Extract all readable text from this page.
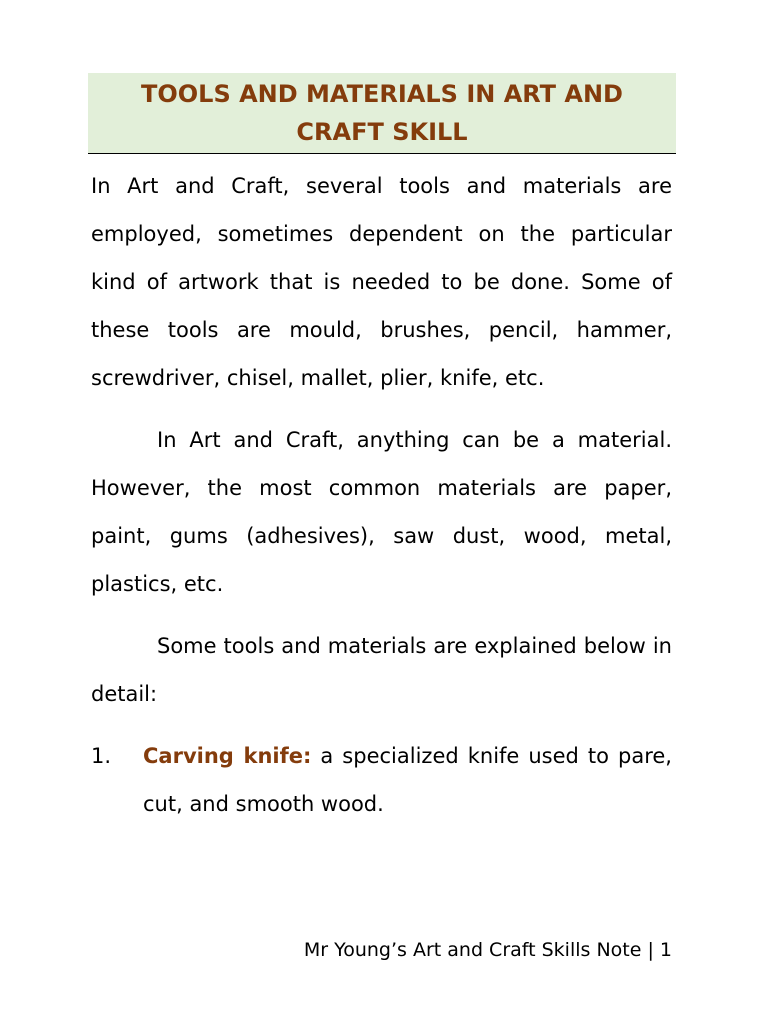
TOOLS AND MATERIALS IN ART AND CRAFT SKILL

In Art and Craft, several tools and materials are employed, sometimes dependent on the particular kind of artwork that is needed to be done. Some of these tools are mould, brushes, pencil, hammer, screwdriver, chisel, mallet, plier, knife, etc.

In Art and Craft, anything can be a material. However, the most common materials are paper, paint, gums (adhesives), saw dust, wood, metal, plastics, etc.

Some tools and materials are explained below in detail:

1. Carving knife: a specialized knife used to pare, cut, and smooth wood.
Mr Young’s Art and Craft Skills Note | 1
